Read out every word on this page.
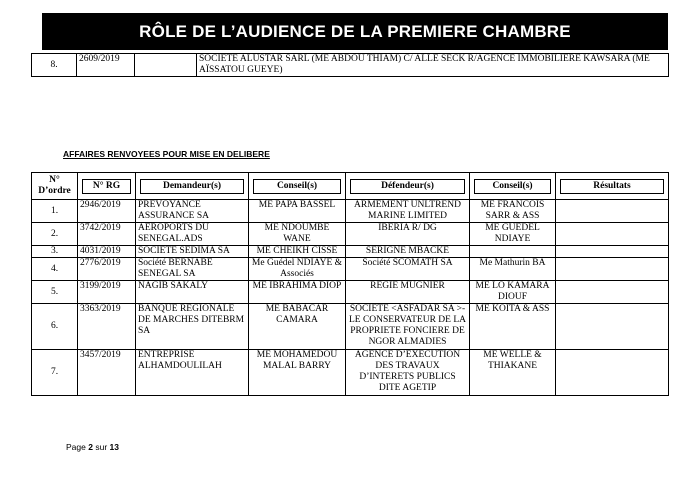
RÔLE DE L’AUDIENCE DE LA PREMIERE CHAMBRE
8.	2609/2019		SOCIETE ALUSTAR SARL (ME ABDOU THIAM) C/ ALLE SECK R/AGENCE IMMOBILIERE KAWSARA (ME AÏSSATOU GUEYE)
AFFAIRES RENVOYEES POUR MISE EN DELIBERE
N° D’ordre	N° RG	Demandeur(s)	Conseil(s)	Défendeur(s)	Conseil(s)	Résultats

1.	2946/2019	PREVOYANCE ASSURANCE SA	ME PAPA BASSEL	ARMEMENT UNLTREND MARINE LIMITED	ME FRANCOIS SARR & ASS	
2.	3742/2019	AEROPORTS DU SENEGAL.ADS	ME NDOUMBE WANE	IBERIA R/ DG	ME GUEDEL NDIAYE	
3.	4031/2019	SOCIETE SEDIMA SA	ME CHEIKH CISSE	SERIGNE MBACKE		
4.	2776/2019	Société BERNABE SENEGAL SA	Me Guédel NDIAYE & Associés	Société SCOMATH SA	Me Mathurin BA	
5.	3199/2019	NAGIB SAKALY	ME IBRAHIMA DIOP	REGIE MUGNIER	ME LO KAMARA DIOUF	
6.	3363/2019	BANQUE REGIONALE DE MARCHES DITEBRM SA	ME BABACAR CAMARA	SOCIETE <ASFADAR SA >- LE CONSERVATEUR DE LA PROPRIETE FONCIERE DE NGOR ALMADIES	ME KOITA & ASS	
7.	3457/2019	ENTREPRISE ALHAMDOULILAH	ME MOHAMEDOU MALAL BARRY	AGENCE D’EXECUTION DES TRAVAUX D’INTERETS PUBLICS DITE AGETIP	ME WELLE & THIAKANE	
Page 2 sur 13
